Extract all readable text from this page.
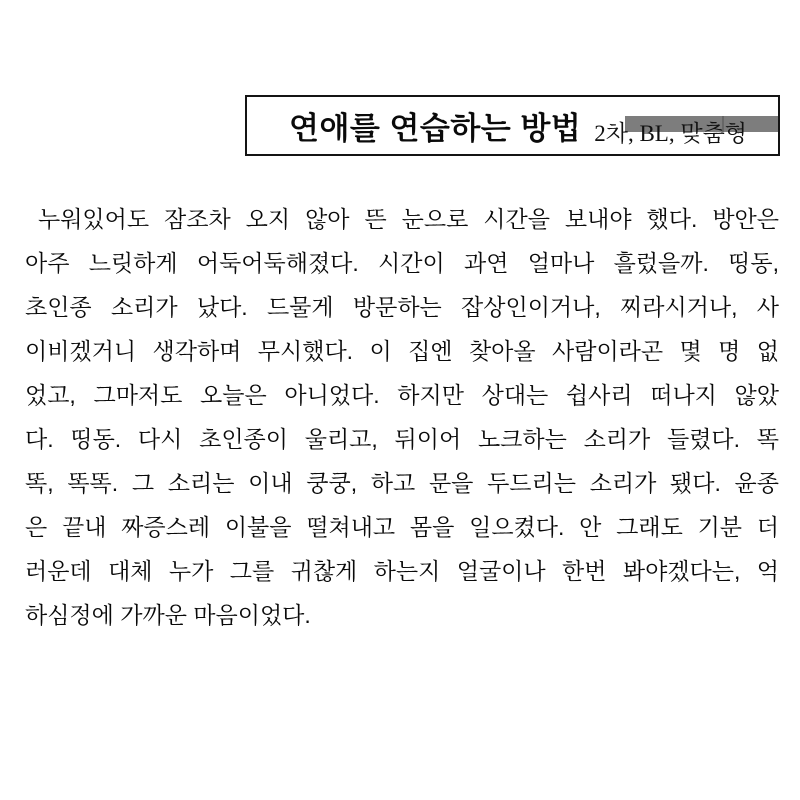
연애를 연습하는 방법 2차, BL, 맞춤형
누워있어도 잠조차 오지 않아 뜬 눈으로 시간을 보내야 했다. 방안은
아주 느릿하게 어둑어둑해졌다. 시간이 과연 얼마나 흘렀을까. 띵동,
초인종 소리가 났다. 드물게 방문하는 잡상인이거나, 찌라시거나, 사
이비겠거니 생각하며 무시했다. 이 집엔 찾아올 사람이라곤 몇 명 없
었고, 그마저도 오늘은 아니었다. 하지만 상대는 쉽사리 떠나지 않았
다. 띵동. 다시 초인종이 울리고, 뒤이어 노크하는 소리가 들렸다. 똑
똑, 똑똑. 그 소리는 이내 쿵쿵, 하고 문을 두드리는 소리가 됐다. 윤종
은 끝내 짜증스레 이불을 떨쳐내고 몸을 일으켰다. 안 그래도 기분 더
러운데 대체 누가 그를 귀찮게 하는지 얼굴이나 한번 봐야겠다는, 억
하심정에 가까운 마음이었다.
